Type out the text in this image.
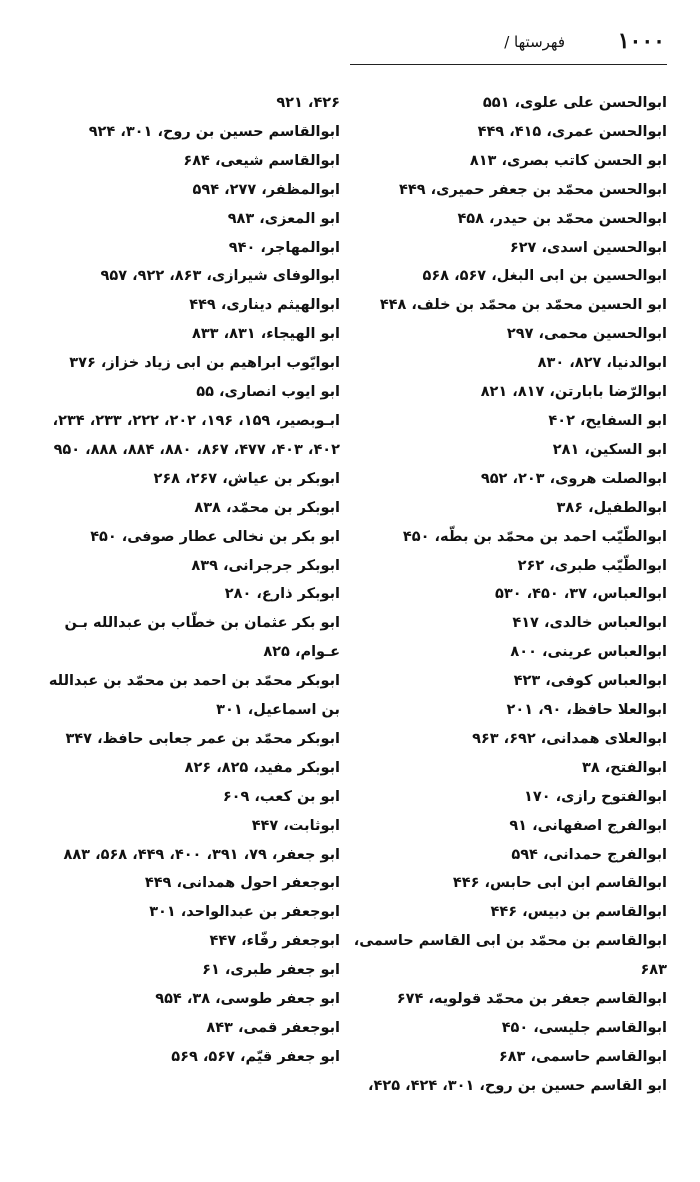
۱۰۰۰
فهرستها /

ابوالحسن علی علوی، ۵۵۱

ابوالحسن عمری، ۴۱۵، ۴۴۹

ابو الحسن کاتب بصری، ۸۱۳

ابوالحسن محمّد بن جعفر حمیری، ۴۴۹

ابوالحسن محمّد بن حیدر، ۴۵۸

ابوالحسین اسدی، ۶۲۷

ابوالحسین بن ابی البغل، ۵۶۷، ۵۶۸

ابو الحسین محمّد بن محمّد بن خلف، ۴۴۸

ابوالحسین محمی، ۲۹۷

ابوالدنیا، ۸۲۷، ۸۳۰

ابوالرّضا بابارتن، ۸۱۷، ۸۲۱

ابو السفایح، ۴۰۲

ابو السکین، ۲۸۱

ابوالصلت هروی، ۲۰۳، ۹۵۲

ابوالطفیل، ۳۸۶

ابوالطّیّب احمد بن محمّد بن بطّه، ۴۵۰

ابوالطّیّب طبری، ۲۶۲

ابوالعباس، ۳۷، ۴۵۰، ۵۳۰

ابوالعباس خالدی، ۴۱۷

ابوالعباس عرینی، ۸۰۰

ابوالعباس کوفی، ۴۲۳

ابوالعلا حافظ، ۹۰، ۲۰۱

ابوالعلای همدانی، ۶۹۲، ۹۶۳

ابوالفتح، ۳۸

ابوالفتوح رازی، ۱۷۰

ابوالفرج اصفهانی، ۹۱

ابوالفرج حمدانی، ۵۹۴

ابوالقاسم ابن ابی حابس، ۴۴۶

ابوالقاسم بن دبیس، ۴۴۶

ابوالقاسم بن محمّد بن ابی القاسم حاسمی، ۶۸۳

ابوالقاسم جعفر بن محمّد قولویه، ۶۷۴

ابوالقاسم جلیسی، ۴۵۰

ابوالقاسم حاسمی، ۶۸۳

ابو القاسم حسین بن روح، ۳۰۱، ۴۲۴، ۴۲۵،

۴۲۶، ۹۲۱

ابوالقاسم حسین بن روح، ۳۰۱، ۹۲۴

ابوالقاسم شیعی، ۶۸۴

ابوالمظفر، ۲۷۷، ۵۹۴

ابو المعزی، ۹۸۳

ابوالمهاجر، ۹۴۰

ابوالوفای شیرازی، ۸۶۳، ۹۲۲، ۹۵۷

ابوالهیثم دیناری، ۴۴۹

ابو الهیجاء، ۸۳۱، ۸۳۳

ابوایّوب ابراهیم بن ابی زیاد خزاز، ۳۷۶

ابو ایوب انصاری، ۵۵

ابـوبصیر، ۱۵۹، ۱۹۶، ۲۰۲، ۲۲۲، ۲۳۳، ۲۳۴، ۴۰۲، ۴۰۳، ۴۷۷، ۸۶۷، ۸۸۰، ۸۸۴، ۸۸۸، ۹۵۰

ابوبکر بن عیاش، ۲۶۷، ۲۶۸

ابوبکر بن محمّد، ۸۳۸

ابو بکر بن نخالی عطار صوفی، ۴۵۰

ابوبکر جرجرانی، ۸۳۹

ابوبکر ذارع، ۲۸۰

ابو بکر عثمان بن خطّاب بن عبدالله بـن عـوام، ۸۲۵

ابوبکر محمّد بن احمد بن محمّد بن عبدالله بن اسماعیل، ۳۰۱

ابوبکر محمّد بن عمر جعابی حافظ، ۳۴۷

ابوبکر مفید، ۸۲۵، ۸۲۶

ابو بن کعب، ۶۰۹

ابوثابت، ۴۴۷

ابو جعفر، ۷۹، ۳۹۱، ۴۰۰، ۴۴۹، ۵۶۸، ۸۸۳

ابوجعفر احول همدانی، ۴۴۹

ابوجعفر بن عبدالواحد، ۳۰۱

ابوجعفر رفّاء، ۴۴۷

ابو جعفر طبری، ۶۱

ابو جعفر طوسی، ۳۸، ۹۵۴

ابوجعفر قمی، ۸۴۳

ابو جعفر قیّم، ۵۶۷، ۵۶۹
